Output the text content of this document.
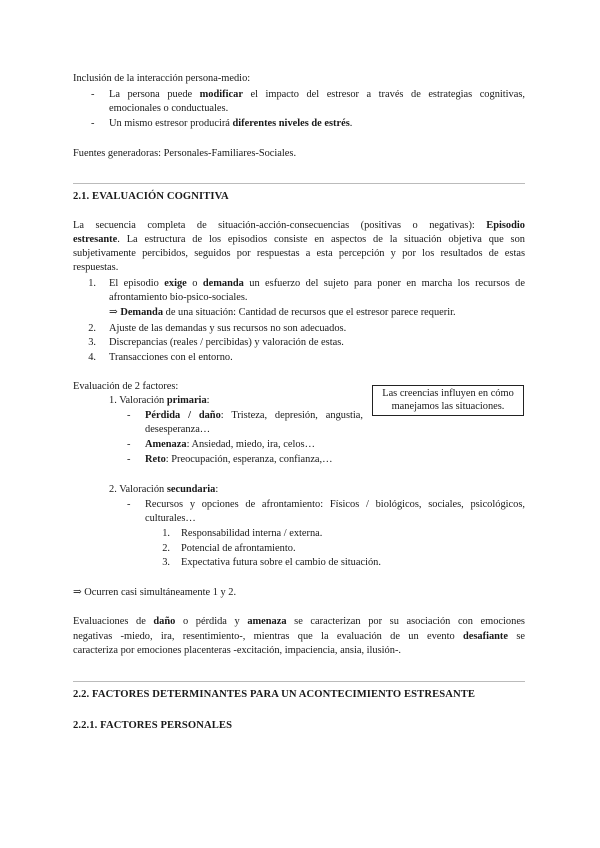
Inclusión de la interacción persona-medio:
-	La persona puede modificar el impacto del estresor a través de estrategias cognitivas,
emocionales o conductuales.
-	Un mismo estresor producirá diferentes niveles de estrés.
Fuentes generadoras: Personales-Familiares-Sociales.
2.1. EVALUACIÓN COGNITIVA
La secuencia completa de situación-acción-consecuencias (positivas o negativas): Episodio
estresante. La estructura de los episodios consiste en aspectos de la situación objetiva que son
subjetivamente percibidos, seguidos por respuestas a esta percepción y por los resultados de estas
respuestas.
1. El episodio exige o demanda un esfuerzo del sujeto para poner en marcha los recursos de
afrontamiento bio-psico-sociales.
⇒ Demanda de una situación: Cantidad de recursos que el estresor parece requerir.
2. Ajuste de las demandas y sus recursos no son adecuados.
3. Discrepancias (reales / percibidas) y valoración de estas.
4. Transacciones con el entorno.
Evaluación de 2 factores:
1. Valoración primaria:
Las creencias influyen en cómo
manejamos las situaciones.
-	Pérdida / daño: Tristeza, depresión, angustia,
desesperanza…
-	Amenaza: Ansiedad, miedo, ira, celos…
-	Reto: Preocupación, esperanza, confianza,…
2. Valoración secundaria:
-	Recursos y opciones de afrontamiento: Físicos / biológicos, sociales, psicológicos,
culturales…
1. Responsabilidad interna / externa.
2. Potencial de afrontamiento.
3. Expectativa futura sobre el cambio de situación.
⇒ Ocurren casi simultáneamente 1 y 2.
Evaluaciones de daño o pérdida y amenaza se caracterizan por su asociación con emociones
negativas -miedo, ira, resentimiento-, mientras que la evaluación de un evento desafiante se
caracteriza por emociones placenteras -excitación, impaciencia, ansia, ilusión-.
2.2. FACTORES DETERMINANTES PARA UN ACONTECIMIENTO ESTRESANTE
2.2.1. FACTORES PERSONALES
